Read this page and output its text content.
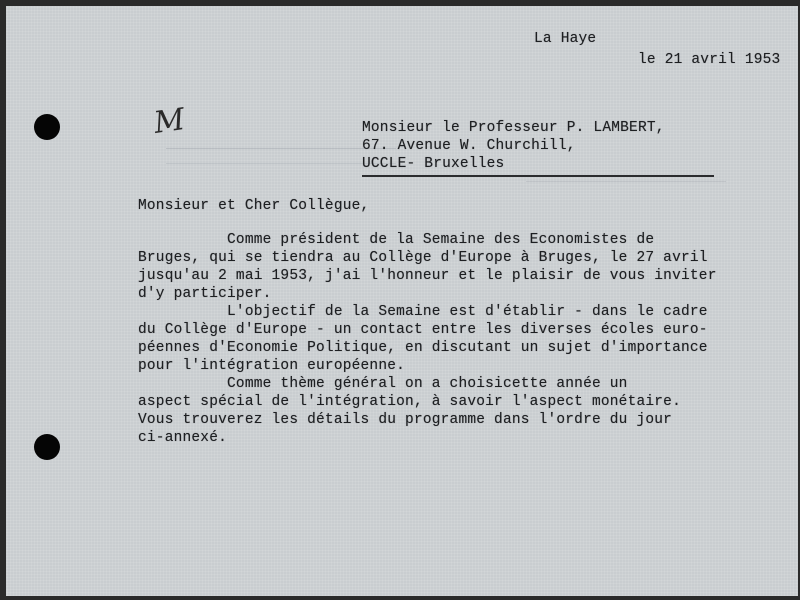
La Haye
le 21 avril 1953
M	Monsieur le Professeur P. LAMBERT,
67. Avenue W. Churchill,
UCCLE- Bruxelles
Monsieur et Cher Collègue,
Comme président de la Semaine des Economistes de
Bruges, qui se tiendra au Collège d'Europe à Bruges, le 27 avril
jusqu'au 2 mai 1953, j'ai l'honneur et le plaisir de vous inviter
d'y participer.
L'objectif de la Semaine est d'établir - dans le cadre
du Collège d'Europe - un contact entre les diverses écoles euro-
péennes d'Economie Politique, en discutant un sujet d'importance
pour l'intégration européenne.
Comme thème général on a choisicette année un
aspect spécial de l'intégration, à savoir l'aspect monétaire.
Vous trouverez les détails du programme dans l'ordre du jour
ci-annexé.
